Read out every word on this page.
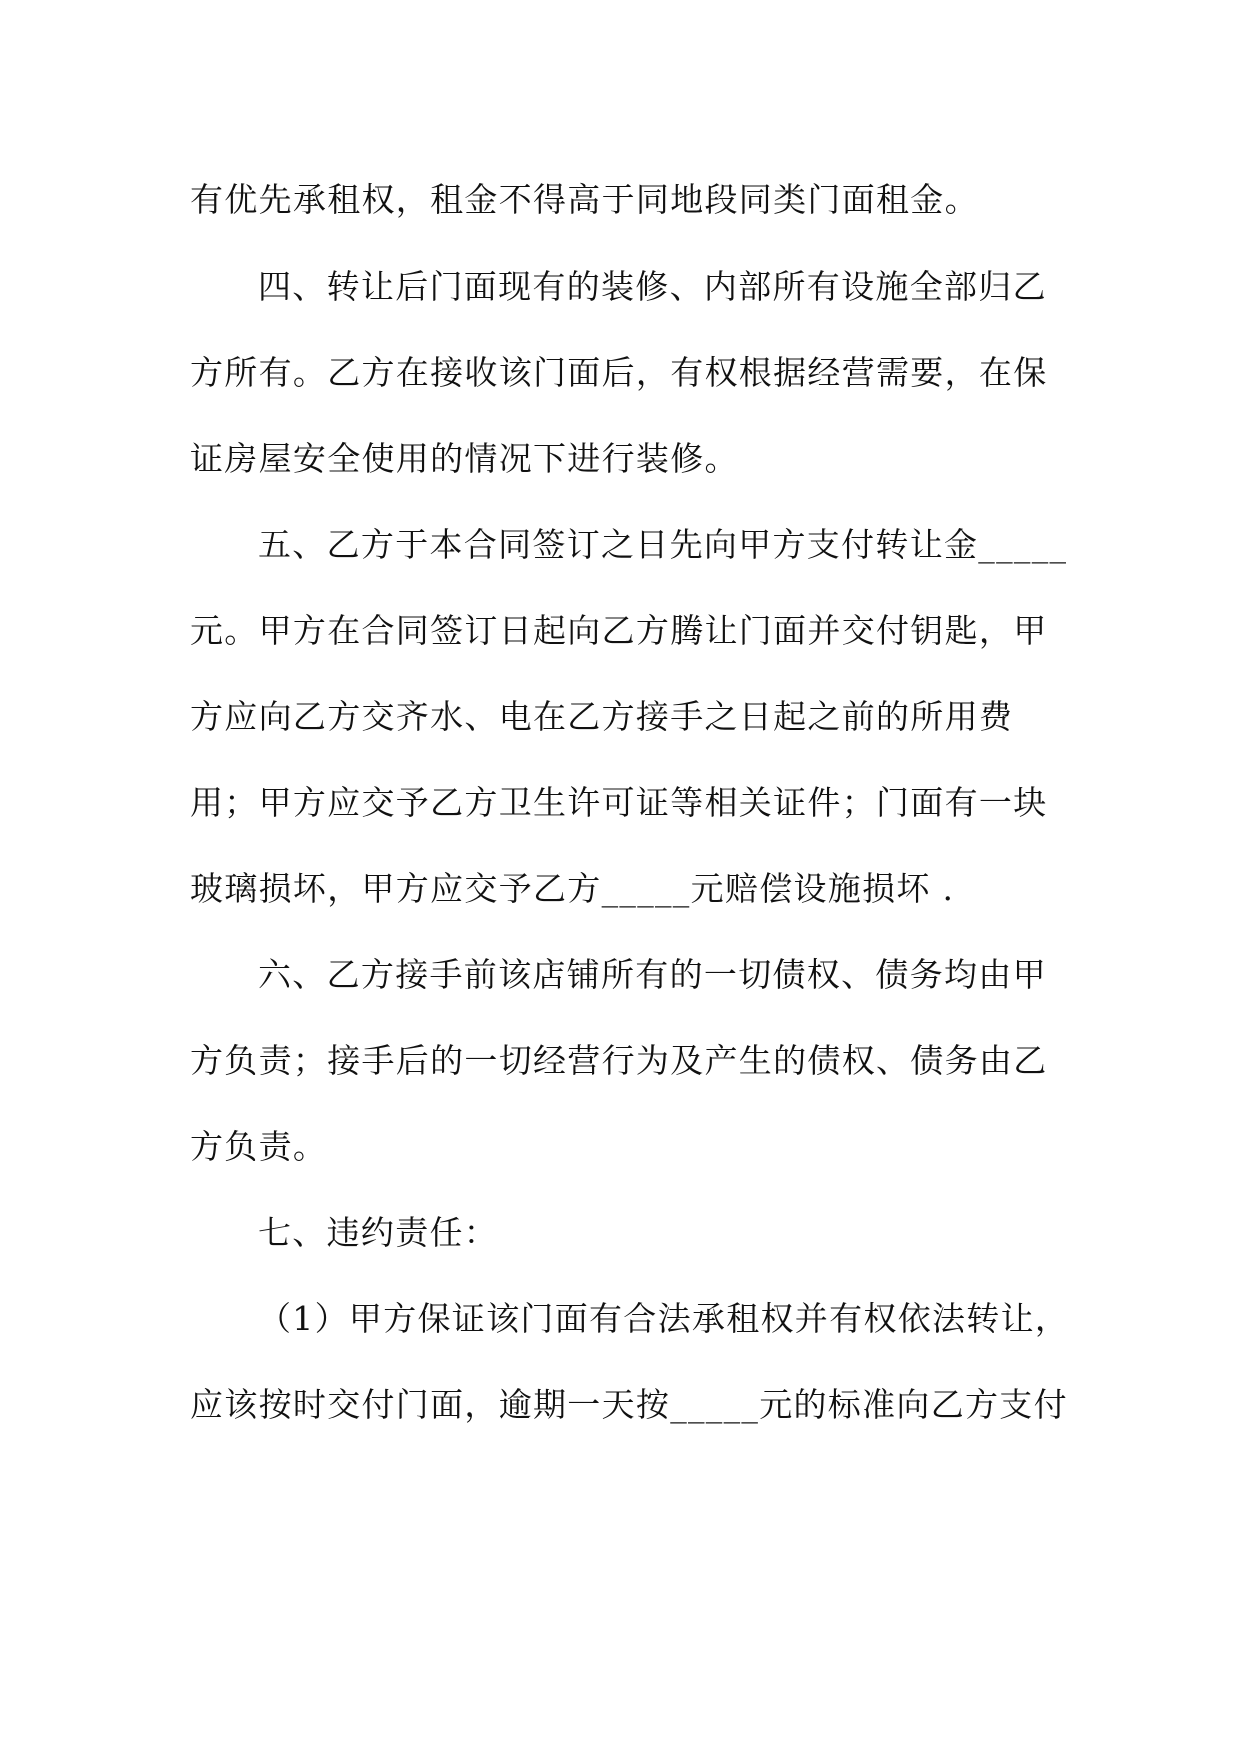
有优先承租权，租金不得高于同地段同类门面租金。
四、转让后门面现有的装修、内部所有设施全部归乙
方所有。乙方在接收该门面后，有权根据经营需要，在保
证房屋安全使用的情况下进行装修。
五、乙方于本合同签订之日先向甲方支付转让金_____
元。甲方在合同签订日起向乙方腾让门面并交付钥匙，甲
方应向乙方交齐水、电在乙方接手之日起之前的所用费
用；甲方应交予乙方卫生许可证等相关证件；门面有一块
玻璃损坏，甲方应交予乙方_____元赔偿设施损坏 .
六、乙方接手前该店铺所有的一切债权、债务均由甲
方负责；接手后的一切经营行为及产生的债权、债务由乙
方负责。
七、违约责任：
（1）甲方保证该门面有合法承租权并有权依法转让，
应该按时交付门面，逾期一天按_____元的标准向乙方支付
